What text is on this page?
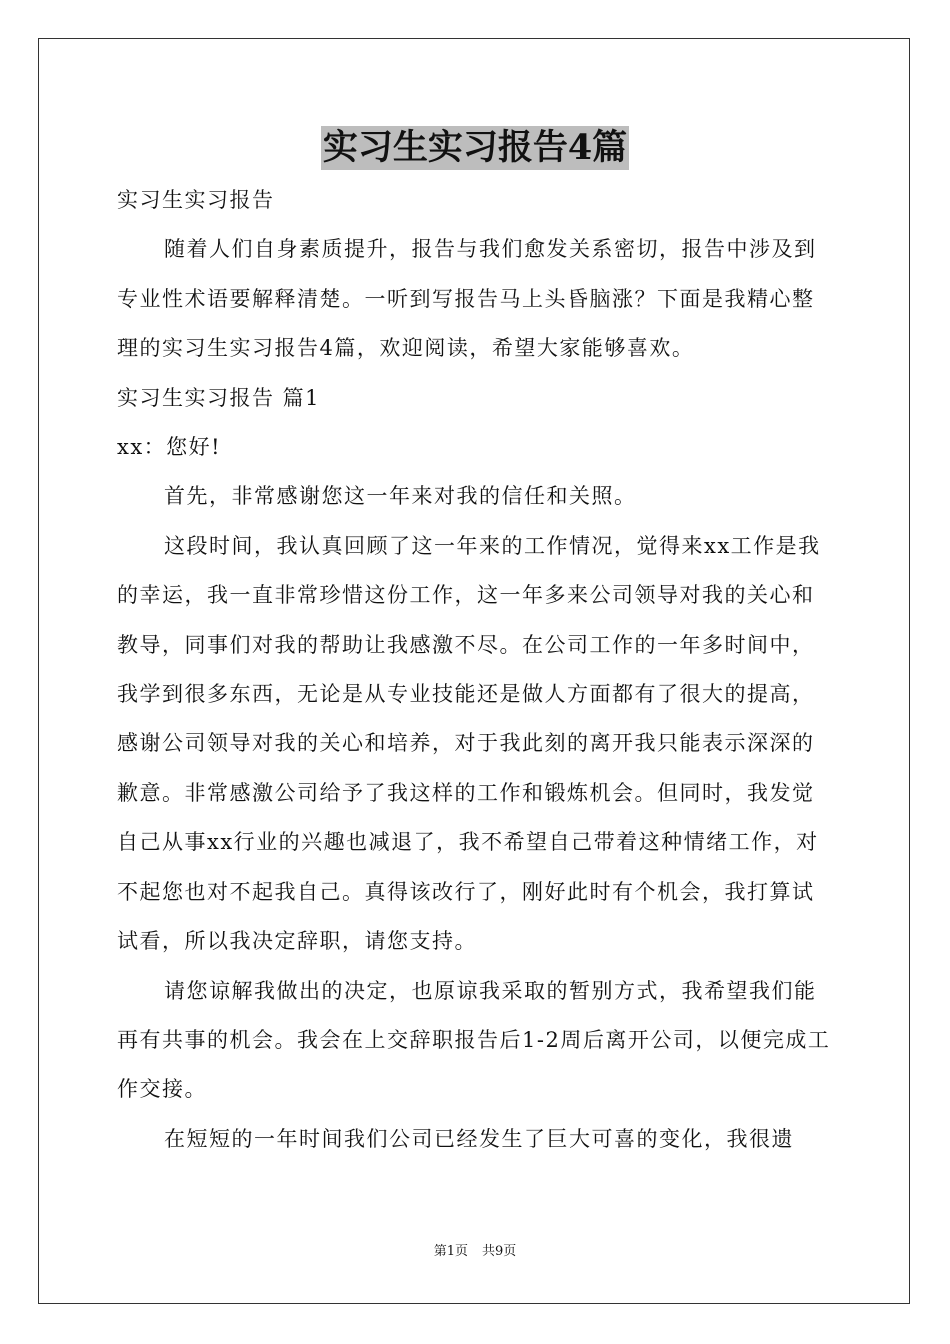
实习生实习报告4篇

实习生实习报告

随着人们自身素质提升，报告与我们愈发关系密切，报告中涉及到专业性术语要解释清楚。一听到写报告马上头昏脑涨？下面是我精心整理的实习生实习报告4篇，欢迎阅读，希望大家能够喜欢。

实习生实习报告 篇1

xx：您好!

首先，非常感谢您这一年来对我的信任和关照。

这段时间，我认真回顾了这一年来的工作情况，觉得来xx工作是我的幸运，我一直非常珍惜这份工作，这一年多来公司领导对我的关心和教导，同事们对我的帮助让我感激不尽。在公司工作的一年多时间中，我学到很多东西，无论是从专业技能还是做人方面都有了很大的提高，感谢公司领导对我的关心和培养，对于我此刻的离开我只能表示深深的歉意。非常感激公司给予了我这样的工作和锻炼机会。但同时，我发觉自己从事xx行业的兴趣也减退了，我不希望自己带着这种情绪工作，对不起您也对不起我自己。真得该改行了，刚好此时有个机会，我打算试试看，所以我决定辞职，请您支持。

请您谅解我做出的决定，也原谅我采取的暂别方式，我希望我们能再有共事的机会。我会在上交辞职报告后1-2周后离开公司，以便完成工作交接。

在短短的一年时间我们公司已经发生了巨大可喜的变化，我很遗

第1页 共9页
